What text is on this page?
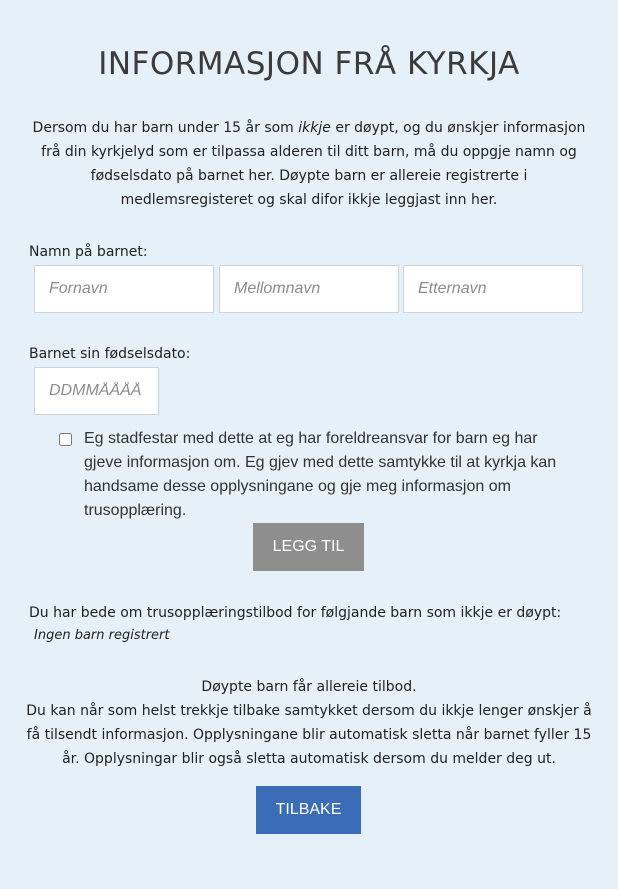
INFORMASJON FRÅ KYRKJA
Dersom du har barn under 15 år som ikkje er døypt, og du ønskjer informasjon frå din kyrkjelyd som er tilpassa alderen til ditt barn, må du oppgje namn og fødselsdato på barnet her. Døypte barn er allereie registrerte i medlemsregisteret og skal difor ikkje leggjast inn her.
Namn på barnet:
Fornavn
Mellomnavn
Etternavn
Barnet sin fødselsdato:
DDMMÅÅÅÅ
Eg stadfestar med dette at eg har foreldreansvar for barn eg har gjeve informasjon om. Eg gjev med dette samtykke til at kyrkja kan handsame desse opplysningane og gje meg informasjon om trusopplæring.
LEGG TIL
Du har bede om trusopplæringstilbod for følgjande barn som ikkje er døypt:
Ingen barn registrert
Døypte barn får allereie tilbod.
Du kan når som helst trekkje tilbake samtykket dersom du ikkje lenger ønskjer å få tilsendt informasjon. Opplysningane blir automatisk sletta når barnet fyller 15 år. Opplysningar blir også sletta automatisk dersom du melder deg ut.
TILBAKE
